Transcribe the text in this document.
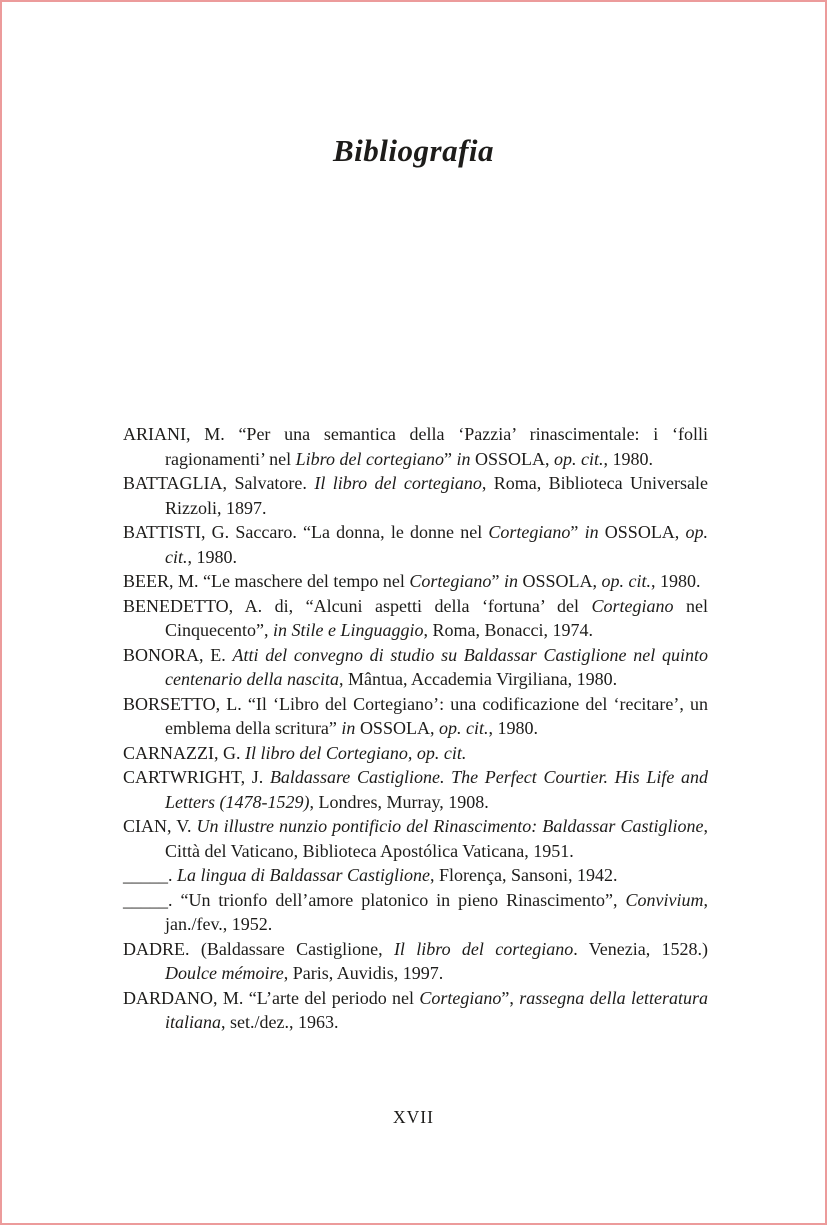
Bibliografia

ARIANI, M. “Per una semantica della ‘Pazzia’ rinascimentale: i ‘folli ragionamenti’ nel Libro del cortegiano” in OSSOLA, op. cit., 1980.

BATTAGLIA, Salvatore. Il libro del cortegiano, Roma, Biblioteca Universale Rizzoli, 1897.

BATTISTI, G. Saccaro. “La donna, le donne nel Cortegiano” in OSSOLA, op. cit., 1980.

BEER, M. “Le maschere del tempo nel Cortegiano” in OSSOLA, op. cit., 1980.

BENEDETTO, A. di, “Alcuni aspetti della ‘fortuna’ del Cortegiano nel Cinquecento”, in Stile e Linguaggio, Roma, Bonacci, 1974.

BONORA, E. Atti del convegno di studio su Baldassar Castiglione nel quinto centenario della nascita, Mântua, Accademia Virgiliana, 1980.

BORSETTO, L. “Il ‘Libro del Cortegiano’: una codificazione del ‘recitare’, un emblema della scritura” in OSSOLA, op. cit., 1980.

CARNAZZI, G. Il libro del Cortegiano, op. cit.

CARTWRIGHT, J. Baldassare Castiglione. The Perfect Courtier. His Life and Letters (1478-1529), Londres, Murray, 1908.

CIAN, V. Un illustre nunzio pontificio del Rinascimento: Baldassar Castiglione, Città del Vaticano, Biblioteca Apostólica Vaticana, 1951.

_____. La lingua di Baldassar Castiglione, Florença, Sansoni, 1942.

_____. “Un trionfo dell’amore platonico in pieno Rinascimento”, Convivium, jan./fev., 1952.

DADRE. (Baldassare Castiglione, Il libro del cortegiano. Venezia, 1528.) Doulce mémoire, Paris, Auvidis, 1997.

DARDANO, M. “L’arte del periodo nel Cortegiano”, rassegna della letteratura italiana, set./dez., 1963.

XVII
